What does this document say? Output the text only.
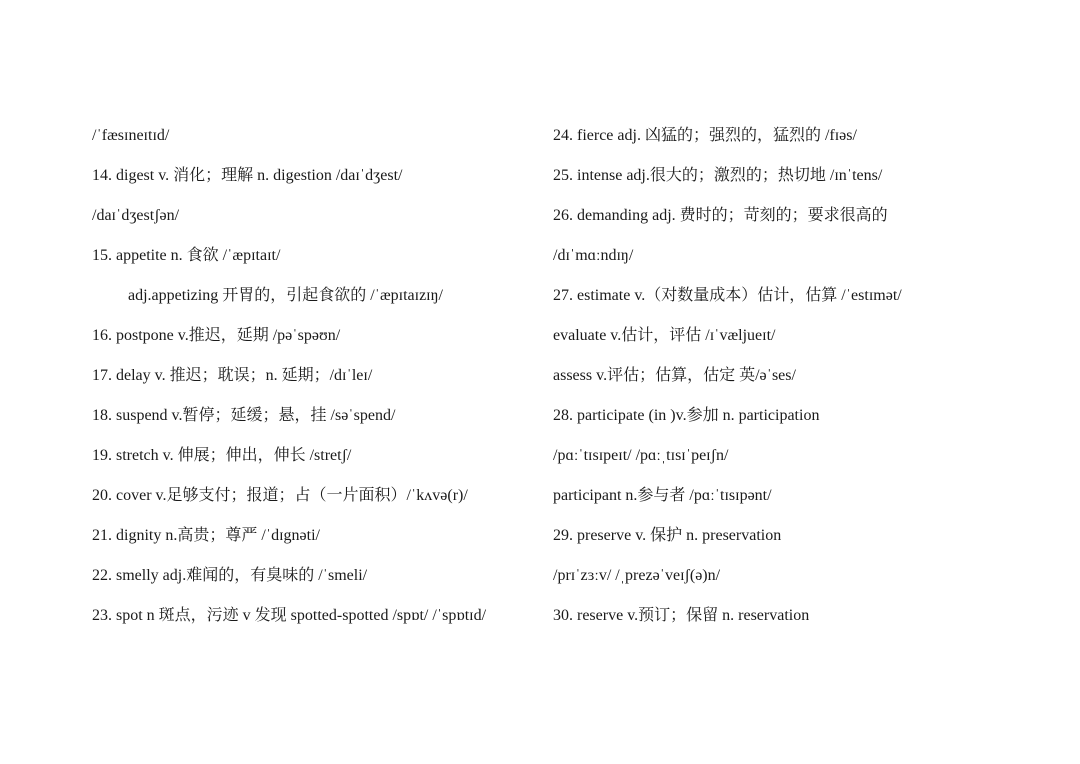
/ˈfæsɪneɪtɪd/
14. digest v. 消化；理解 n. digestion /daɪˈdʒest/
/daɪˈdʒestʃən/
15. appetite n. 食欲 /ˈæpɪtaɪt/
adj.appetizing 开胃的，引起食欲的 /ˈæpɪtaɪzɪŋ/
16. postpone v.推迟，延期 /pəˈspəʊn/
17. delay v. 推迟；耽误；n. 延期；/dɪˈleɪ/
18. suspend v.暂停；延缓；悬，挂 /səˈspend/
19. stretch v. 伸展；伸出，伸长 /stretʃ/
20. cover v.足够支付；报道；占（一片面积）/ˈkʌvə(r)/
21. dignity n.高贵；尊严 /ˈdɪgnəti/
22. smelly adj.难闻的，有臭味的 /ˈsmeli/
23. spot n 斑点，污迹 v 发现 spotted-spotted /spɒt/ /ˈspɒtɪd/
24. fierce adj. 凶猛的；强烈的，猛烈的 /fɪəs/
25. intense adj.很大的；激烈的；热切地 /ɪnˈtens/
26. demanding adj. 费时的；苛刻的；要求很高的
/dɪˈmɑːndɪŋ/
27. estimate v.（对数量成本）估计，估算 /ˈestɪmət/
evaluate v.估计，评估 /ɪˈvæljueɪt/
assess v.评估；估算，估定 英/əˈses/
28. participate (in )v.参加 n. participation
/pɑːˈtɪsɪpeɪt/ /pɑːˌtɪsɪˈpeɪʃn/
participant n.参与者 /pɑːˈtɪsɪpənt/
29. preserve v. 保护 n. preservation
/prɪˈzɜːv/ /ˌprezəˈveɪʃ(ə)n/
30. reserve v.预订；保留 n. reservation
